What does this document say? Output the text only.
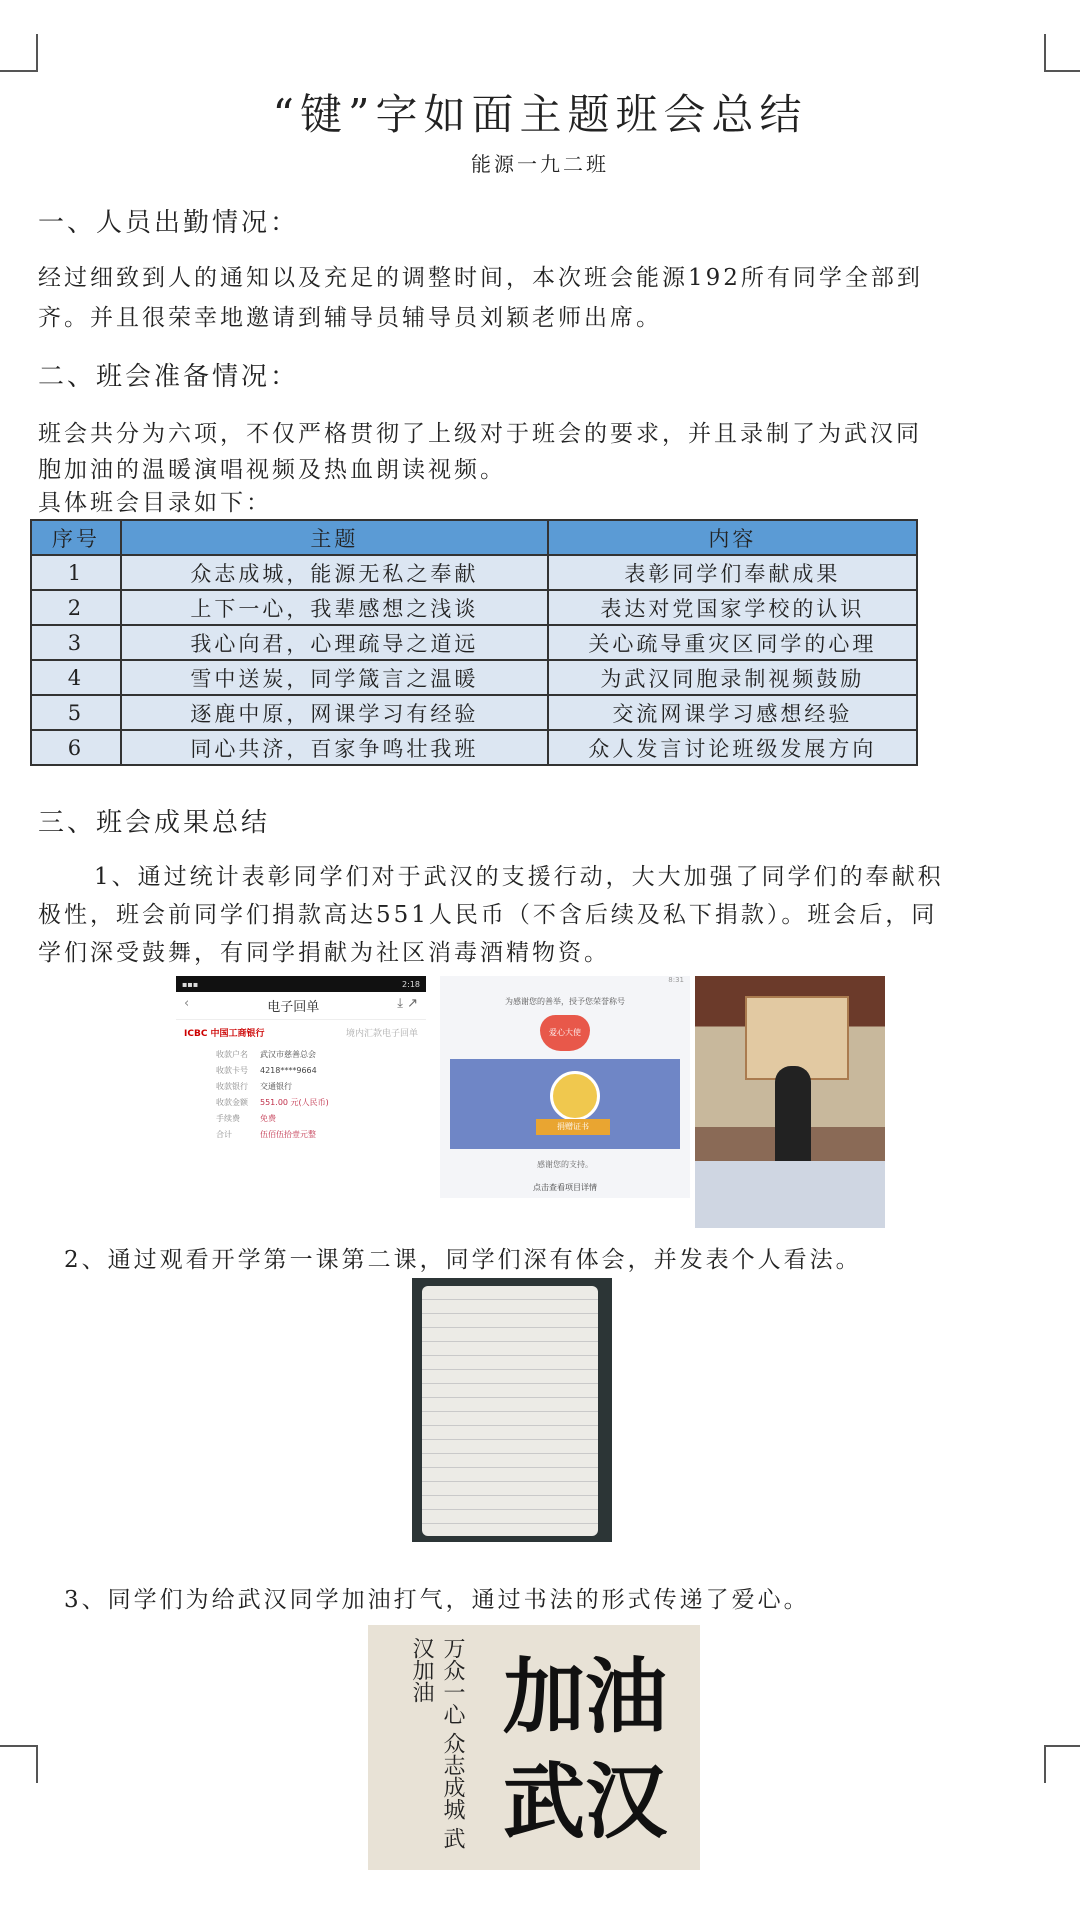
“键”字如面主题班会总结
能源一九二班
一、人员出勤情况：
经过细致到人的通知以及充足的调整时间，本次班会能源192所有同学全部到
齐。并且很荣幸地邀请到辅导员辅导员刘颖老师出席。
二、班会准备情况：
班会共分为六项，不仅严格贯彻了上级对于班会的要求，并且录制了为武汉同
胞加油的温暖演唱视频及热血朗读视频。
具体班会目录如下：
序号	主题	内容
1	众志成城，能源无私之奉献	表彰同学们奉献成果
2	上下一心，我辈感想之浅谈	表达对党国家学校的认识
3	我心向君，心理疏导之道远	关心疏导重灾区同学的心理
4	雪中送炭，同学箴言之温暖	为武汉同胞录制视频鼓励
5	逐鹿中原，网课学习有经验	交流网课学习感想经验
6	同心共济，百家争鸣壮我班	众人发言讨论班级发展方向
三、班会成果总结
1、通过统计表彰同学们对于武汉的支援行动，大大加强了同学们的奉献积
极性，班会前同学们捐款高达551人民币（不含后续及私下捐款）。班会后，同
学们深受鼓舞，有同学捐献为社区消毒酒精物资。
▪▪▪	2:18
‹	电子回单	⤓ ↗
ICBC 中国工商银行	境内汇款电子回单
收款户名 武汉市慈善总会
收款卡号 4218****9664
收款银行 交通银行
收款金额 551.00 元(人民币)
手续费	免费
合计	伍佰伍拾壹元整
8:31
为感谢您的善举，授予您荣誉称号
爱心大使
捐赠证书
感谢您的支持。
点击查看项目详情
2、通过观看开学第一课第二课，同学们深有体会，并发表个人看法。
3、同学们为给武汉同学加油打气，通过书法的形式传递了爱心。
万众一心 众志成城 武汉加油 加油 武汉
